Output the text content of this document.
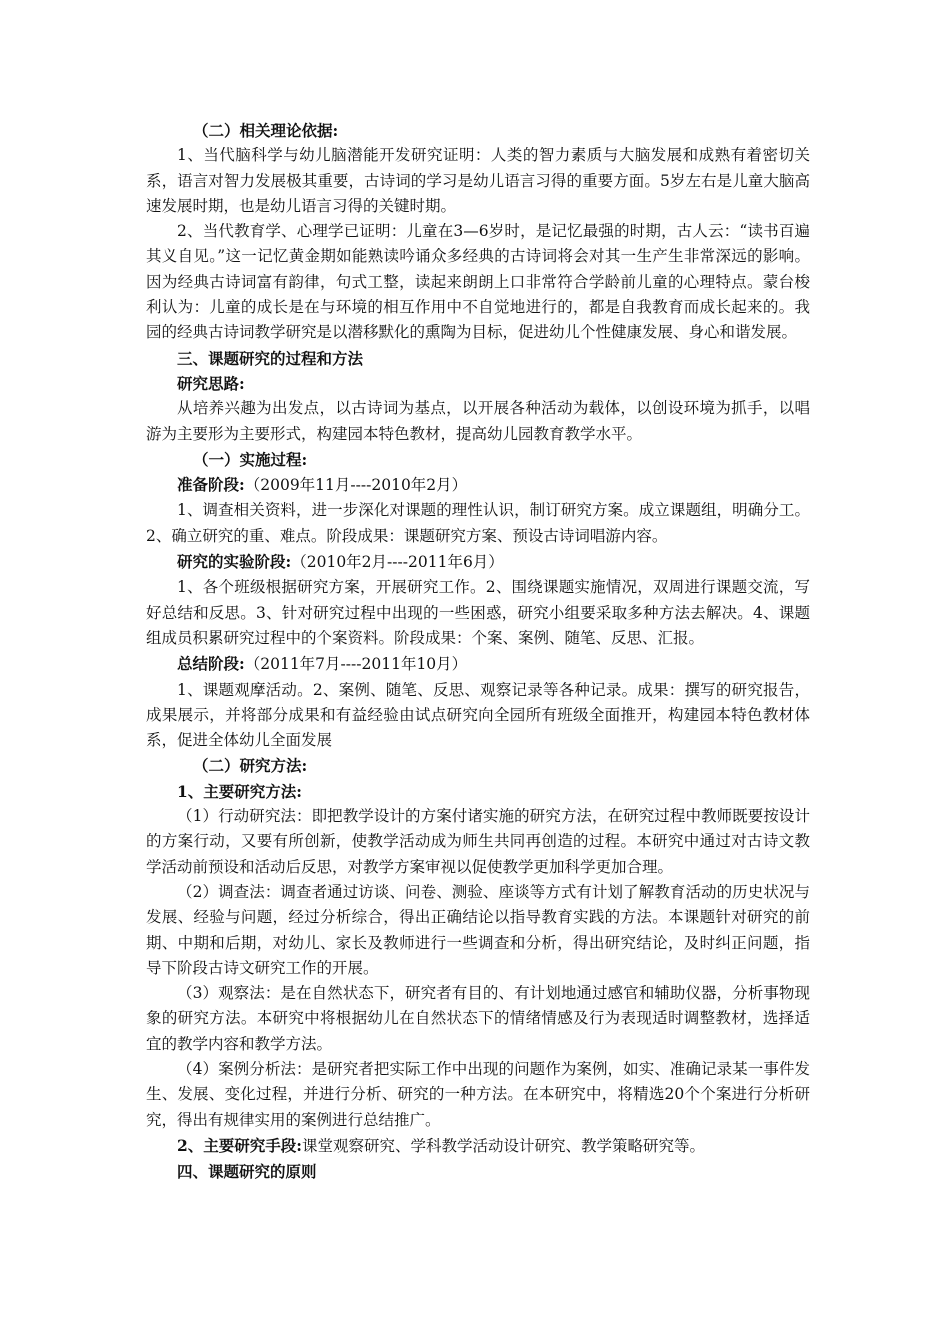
（二）相关理论依据:

1、当代脑科学与幼儿脑潜能开发研究证明：人类的智力素质与大脑发展和成熟有着密切关系，语言对智力发展极其重要，古诗词的学习是幼儿语言习得的重要方面。5岁左右是儿童大脑高速发展时期，也是幼儿语言习得的关键时期。

2、当代教育学、心理学已证明：儿童在3—6岁时，是记忆最强的时期，古人云：“读书百遍其义自见。”这一记忆黄金期如能熟读吟诵众多经典的古诗词将会对其一生产生非常深远的影响。因为经典古诗词富有韵律，句式工整，读起来朗朗上口非常符合学龄前儿童的心理特点。蒙台梭利认为：儿童的成长是在与环境的相互作用中不自觉地进行的，都是自我教育而成长起来的。我园的经典古诗词教学研究是以潜移默化的熏陶为目标，促进幼儿个性健康发展、身心和谐发展。

三、课题研究的过程和方法

研究思路:

从培养兴趣为出发点，以古诗词为基点，以开展各种活动为载体，以创设环境为抓手，以唱游为主要形为主要形式，构建园本特色教材，提高幼儿园教育教学水平。

（一）实施过程:

准备阶段:（2009年11月----2010年2月）

1、调查相关资料，进一步深化对课题的理性认识，制订研究方案。成立课题组，明确分工。2、确立研究的重、难点。阶段成果：课题研究方案、预设古诗词唱游内容。

研究的实验阶段:（2010年2月----2011年6月）

1、各个班级根据研究方案，开展研究工作。2、围绕课题实施情况，双周进行课题交流，写好总结和反思。3、针对研究过程中出现的一些困惑，研究小组要采取多种方法去解决。4、课题组成员积累研究过程中的个案资料。阶段成果：个案、案例、随笔、反思、汇报。

总结阶段:（2011年7月----2011年10月）

1、课题观摩活动。2、案例、随笔、反思、观察记录等各种记录。成果：撰写的研究报告，成果展示，并将部分成果和有益经验由试点研究向全园所有班级全面推开，构建园本特色教材体系，促进全体幼儿全面发展

（二）研究方法:

1、主要研究方法:

（1）行动研究法：即把教学设计的方案付诸实施的研究方法，在研究过程中教师既要按设计的方案行动，又要有所创新，使教学活动成为师生共同再创造的过程。本研究中通过对古诗文教学活动前预设和活动后反思，对教学方案审视以促使教学更加科学更加合理。

（2）调查法：调查者通过访谈、问卷、测验、座谈等方式有计划了解教育活动的历史状况与发展、经验与问题，经过分析综合，得出正确结论以指导教育实践的方法。本课题针对研究的前期、中期和后期，对幼儿、家长及教师进行一些调查和分析，得出研究结论，及时纠正问题，指导下阶段古诗文研究工作的开展。

（3）观察法：是在自然状态下，研究者有目的、有计划地通过感官和辅助仪器，分析事物现象的研究方法。本研究中将根据幼儿在自然状态下的情绪情感及行为表现适时调整教材，选择适宜的教学内容和教学方法。

（4）案例分析法：是研究者把实际工作中出现的问题作为案例，如实、准确记录某一事件发生、发展、变化过程，并进行分析、研究的一种方法。在本研究中，将精选20个个案进行分析研究，得出有规律实用的案例进行总结推广。

2、主要研究手段:课堂观察研究、学科教学活动设计研究、教学策略研究等。

四、课题研究的原则
